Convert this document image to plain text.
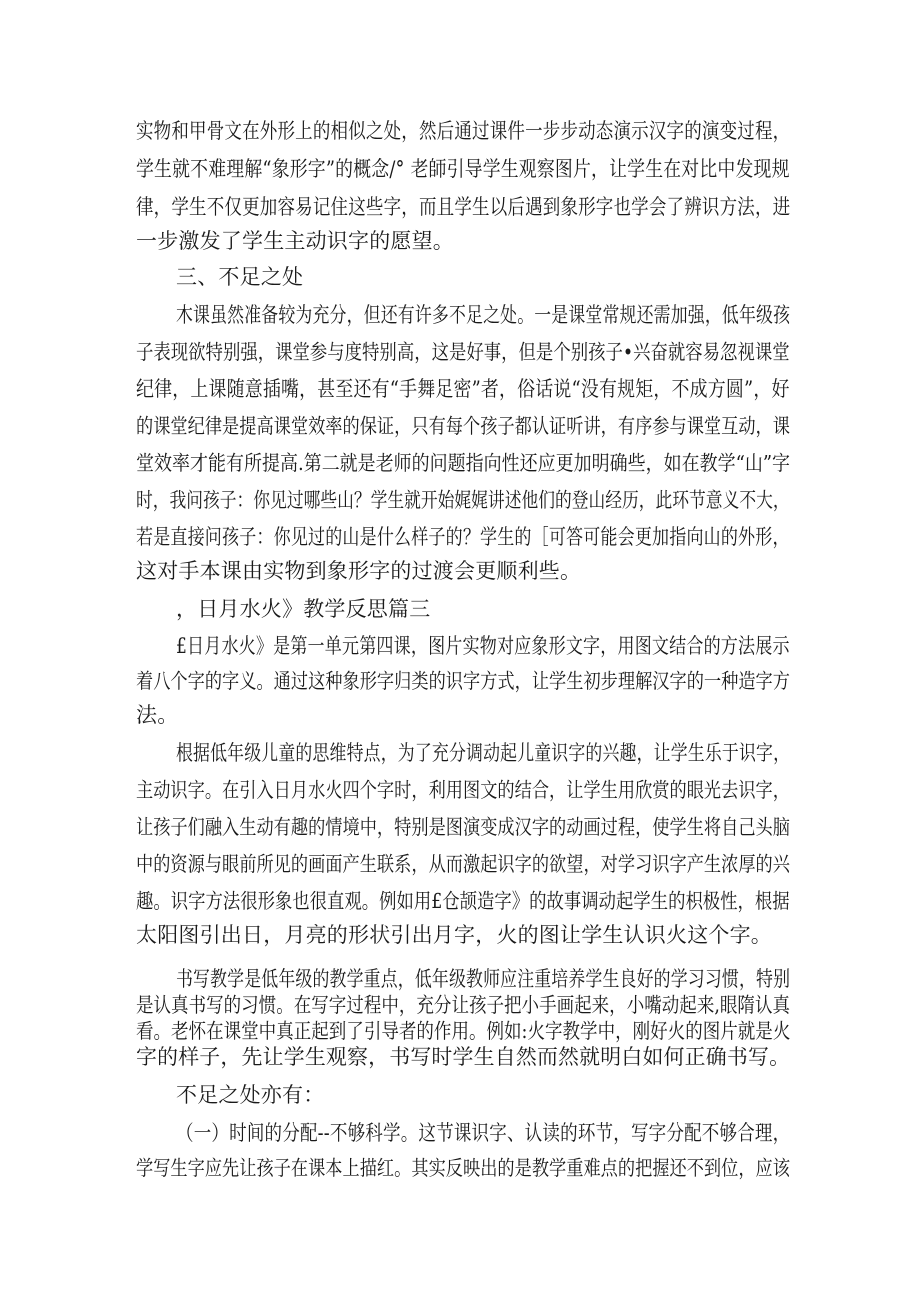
实物和甲骨文在外形上的相似之处，然后通过课件一步步动态演示汉字的演变过程，
学生就不难理解“象形字”的概念/° 老師引导学生观察图片，让学生在对比中发现规
律，学生不仅更加容易记住这些字，而且学生以后遇到象形字也学会了辨识方法，进
一步激发了学生主动识字的愿望。
三、不足之处
木课虽然准备较为充分，但还有许多不足之处。一是课堂常规还需加强，低年级孩
子表现欲特别强，课堂参与度特别高，这是好事，但是个别孩子•兴奋就容易忽视课堂
纪律，上课随意插嘴，甚至还有“手舞足密”者，俗话说“没有规矩，不成方圆”，好
的课堂纪律是提高课堂效率的保证，只有每个孩子都认证听讲，有序参与课堂互动，课
堂效率才能有所提高.第二就是老师的问题指向性还应更加明确些，如在教学“山”字
时，我问孩子：你见过哪些山？学生就开始娓娓讲述他们的登山经历，此环节意义不大，
若是直接问孩子：你见过的山是什么样子的？学生的［可答可能会更加指向山的外形，
这对手本课由实物到象形字的过渡会更顺利些。
，日月水火》教学反思篇三
£日月水火》是第一单元第四课，图片实物对应象形文字，用图文结合的方法展示
着八个字的字义。通过这种象形字归类的识字方式，让学生初步理解汉字的一种造字方
法。
根据低年级儿童的思维特点，为了充分调动起儿童识字的兴趣，让学生乐于识字，
主动识字。在引入日月水火四个字时，利用图文的结合，让学生用欣赏的眼光去识字，
让孩子们融入生动有趣的情境中，特别是图演变成汉字的动画过程，使学生将自己头脑
中的资源与眼前所见的画面产生联系，从而激起识字的欲望，对学习识字产生浓厚的兴
趣。识字方法很形象也很直观。例如用£仓颉造字》的故事调动起学生的枳极性，根据
太阳图引出日，月亮的形状引出月字，火的图让学生认识火这个字。
书写教学是低年级的教学重点，低年级教师应注重培养学生良好的学习习惯，特别
是认真书写的习惯。在写字过程中，充分让孩子把小手画起来，小嘴动起来,眼隋认真
看。老怀在课堂中真正起到了引导者的作用。例如:火字教学中，刚好火的图片就是火
字的样子，先让学生观察，书写时学生自然而然就明白如何正确书写。
不足之处亦有：
（一）时间的分配--不够科学。这节课识字、认读的环节，写字分配不够合理，
学写生字应先让孩子在课本上描红。其实反映出的是教学重难点的把握还不到位，应该
